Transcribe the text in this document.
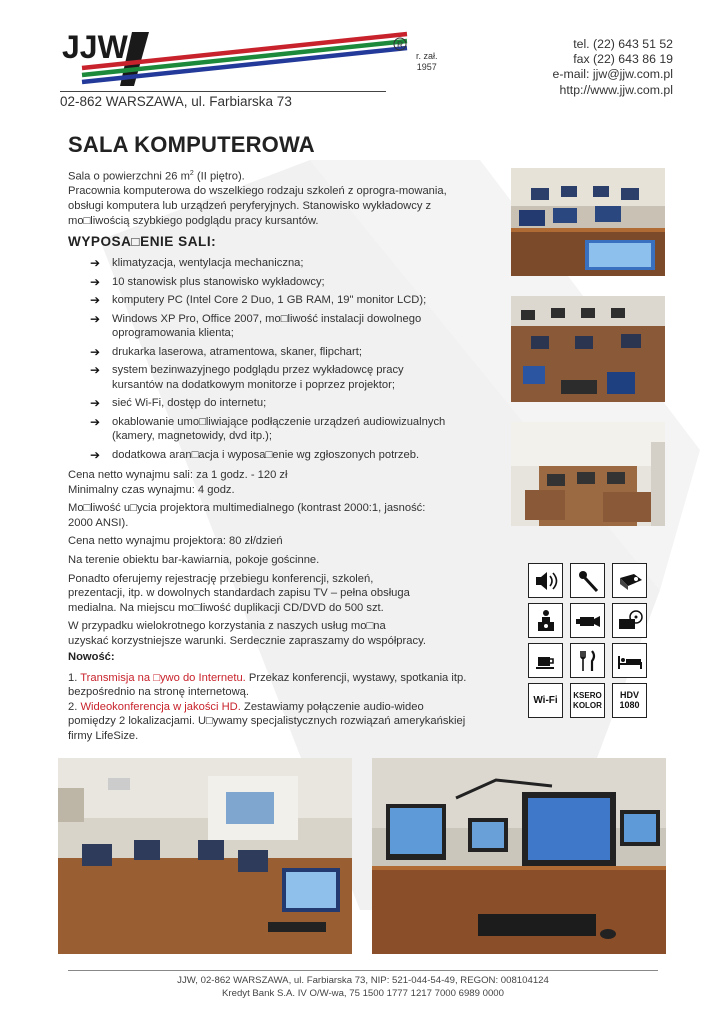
JJW	R
r. zał.
1957
tel. (22) 643 51 52
fax (22) 643 86 19
e-mail: jjw@jjw.com.pl
http://www.jjw.com.pl
02-862 WARSZAWA, ul. Farbiarska 73
SALA KOMPUTEROWA

Sala o powierzchni 26 $m^2$ (II piętro).

Pracownia komputerowa do wszelkiego rodzaju szkoleń z oprogra-mowania, obsługi komputera lub urządzeń peryferyjnych. Stanowisko wykładowcy z mo□liwością szybkiego podglądu pracy kursantów.

WYPOSA□ENIE SALI:
➔ klimatyzacja, wentylacja mechaniczna;
➔ 10 stanowisk plus stanowisko wykładowcy;
➔ komputery PC (Intel Core 2 Duo, 1 GB RAM, 19" monitor LCD);
➔ Windows XP Pro, Office 2007, mo□liwość instalacji dowolnego oprogramowania klienta;
➔ drukarka laserowa, atramentowa, skaner, flipchart;
➔ system bezinwazyjnego podglądu przez wykładowcę pracy kursantów na dodatkowym monitorze i poprzez projektor;
➔ sieć Wi-Fi, dostęp do internetu;
➔ okablowanie umo□liwiające podłączenie urządzeń audiowizualnych (kamery, magnetowidy, dvd itp.);
➔ dodatkowa aran□acja i wyposa□enie wg zgłoszonych potrzeb.

Cena netto wynajmu sali: za 1 godz. - 120 zł

Minimalny czas wynajmu: 4 godz.

Mo□liwość u□ycia projektora multimedialnego (kontrast 2000:1, jasność: 2000 ANSI).

Cena netto wynajmu projektora: 80 zł/dzień

Na terenie obiektu bar-kawiarnia, pokoje gościnne.

Ponadto oferujemy rejestrację przebiegu konferencji, szkoleń, prezentacji, itp. w dowolnych standardach zapisu TV – pełna obsługa medialna. Na miejscu mo□liwość duplikacji CD/DVD do 500 szt.

W przypadku wielokrotnego korzystania z naszych usług mo□na uzyskać korzystniejsze warunki. Serdecznie zapraszamy do współpracy.

Nowość:

1. Transmisja na □ywo do Internetu. Przekaz konferencji, wystawy, spotkania itp. bezpośrednio na stronę internetową.

2. Wideokonferencja w jakości HD. Zestawiamy połączenie audio-wideo pomiędzy 2 lokalizacjami. U□ywamy specjalistycznych rozwiązań amerykańskiej firmy LifeSize.

Wi-Fi KSERO
KOLOR
HDV
1080
JJW, 02-862 WARSZAWA, ul. Farbiarska 73, NIP: 521-044-54-49, REGON: 008104124
Kredyt Bank S.A. IV O/W-wa, 75 1500 1777 1217 7000 6989 0000
